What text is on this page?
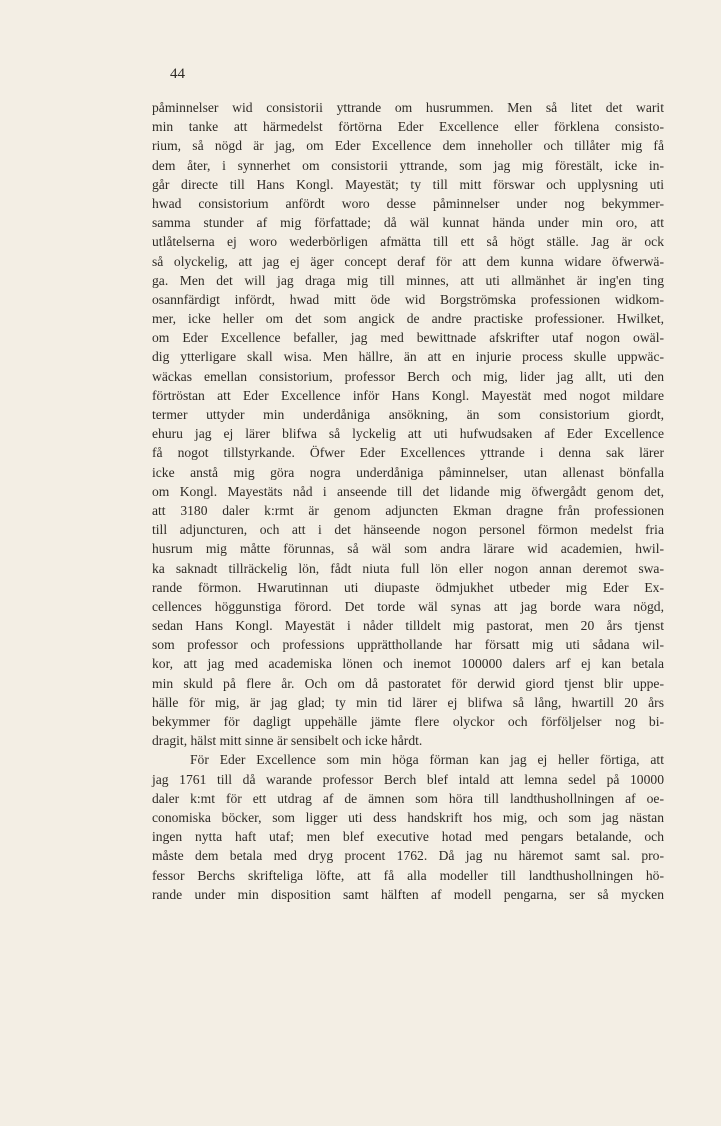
44
påminnelser wid consistorii yttrande om husrummen. Men så litet det warit
min tanke att härmedelst förtörna Eder Excellence eller förklena consisto-
rium, så nögd är jag, om Eder Excellence dem inneholler och tillåter mig få
dem åter, i synnerhet om consistorii yttrande, som jag mig förestält, icke in-
går directe till Hans Kongl. Mayestät; ty till mitt förswar och upplysning uti
hwad consistorium anfördt woro desse påminnelser under nog bekymmer-
samma stunder af mig författade; då wäl kunnat hända under min oro, att
utlåtelserna ej woro wederbörligen afmätta till ett så högt ställe. Jag är ock
så olyckelig, att jag ej äger concept deraf för att dem kunna widare öfwerwä-
ga. Men det will jag draga mig till minnes, att uti allmänhet är ing'en ting
osannfärdigt infördt, hwad mitt öde wid Borgströmska professionen widkom-
mer, icke heller om det som angick de andre practiske professioner. Hwilket,
om Eder Excellence befaller, jag med bewittnade afskrifter utaf nogon owäl-
dig ytterligare skall wisa. Men hällre, än att en injurie process skulle uppwäc-
wäckas emellan consistorium, professor Berch och mig, lider jag allt, uti den
förtröstan att Eder Excellence inför Hans Kongl. Mayestät med nogot mildare
termer uttyder min underdåniga ansökning, än som consistorium giordt,
ehuru jag ej lärer blifwa så lyckelig att uti hufwudsaken af Eder Excellence
få nogot tillstyrkande. Öfwer Eder Excellences yttrande i denna sak lärer
icke anstå mig göra nogra underdåniga påminnelser, utan allenast bönfalla
om Kongl. Mayestäts nåd i anseende till det lidande mig öfwergådt genom det,
att 3180 daler k:rmt är genom adjuncten Ekman dragne från professionen
till adjuncturen, och att i det hänseende nogon personel förmon medelst fria
husrum mig måtte förunnas, så wäl som andra lärare wid academien, hwil-
ka saknadt tillräckelig lön, fådt niuta full lön eller nogon annan deremot swa-
rande förmon. Hwarutinnan uti diupaste ödmjukhet utbeder mig Eder Ex-
cellences höggunstiga förord. Det torde wäl synas att jag borde wara nögd,
sedan Hans Kongl. Mayestät i nåder tilldelt mig pastorat, men 20 års tjenst
som professor och professions upprätthollande har försatt mig uti sådana wil-
kor, att jag med academiska lönen och inemot 100000 dalers arf ej kan betala
min skuld på flere år. Och om då pastoratet för derwid giord tjenst blir uppe-
hälle för mig, är jag glad; ty min tid lärer ej blifwa så lång, hwartill 20 års
bekymmer för dagligt uppehälle jämte flere olyckor och förföljelser nog bi-
dragit, hälst mitt sinne är sensibelt och icke hårdt.
För Eder Excellence som min höga förman kan jag ej heller förtiga, att
jag 1761 till då warande professor Berch blef intald att lemna sedel på 10000
daler k:mt för ett utdrag af de ämnen som höra till landthushollningen af oe-
conomiska böcker, som ligger uti dess handskrift hos mig, och som jag nästan
ingen nytta haft utaf; men blef executive hotad med pengars betalande, och
måste dem betala med dryg procent 1762. Då jag nu häremot samt sal. pro-
fessor Berchs skrifteliga löfte, att få alla modeller till landthushollningen hö-
rande under min disposition samt hälften af modell pengarna, ser så mycken
